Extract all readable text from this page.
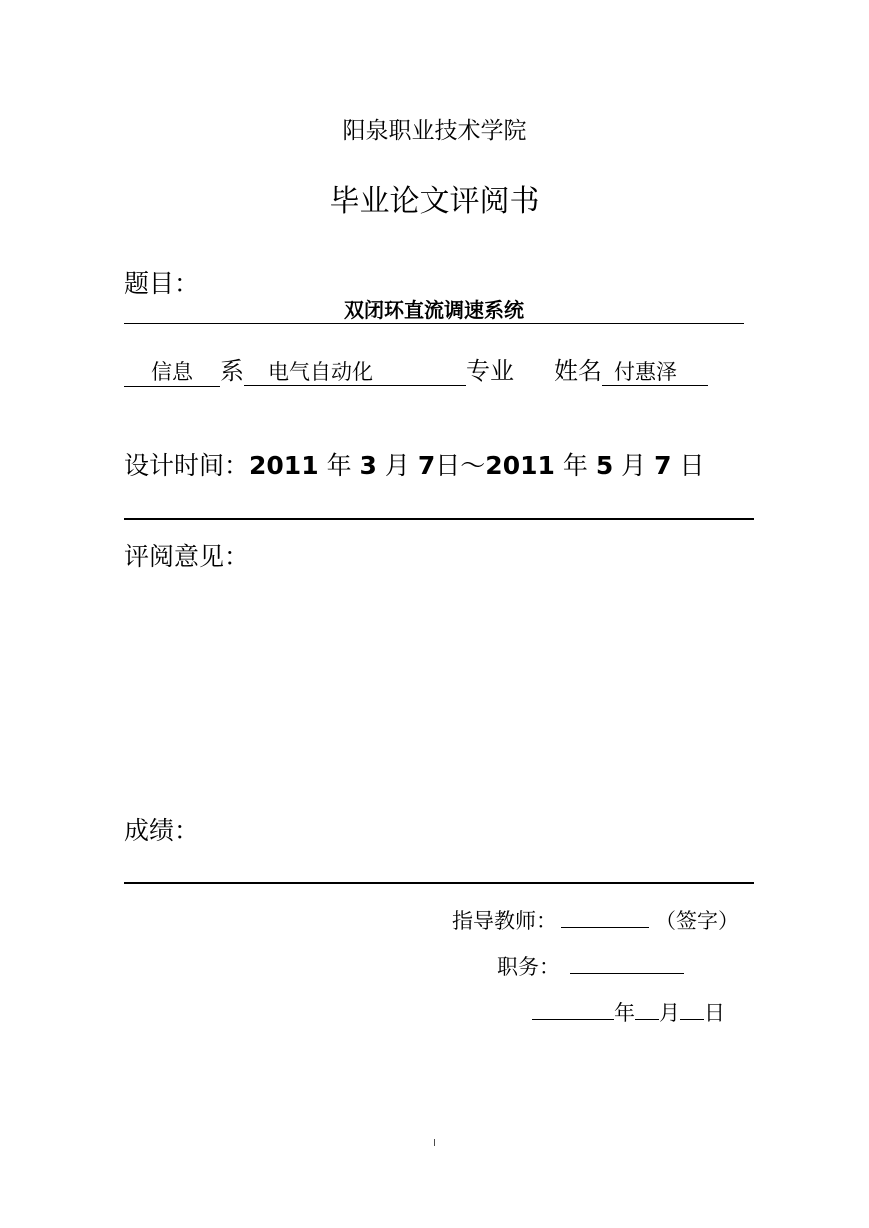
阳泉职业技术学院
毕业论文评阅书
题目：
双闭环直流调速系统
信息 系 电气自动化	专业 姓名 付惠泽
设计时间：2011 年 3 月 7日～2011 年 5 月 7 日
评阅意见：
成绩：
指导教师：	（签字）
职务：
年 月 日
I
